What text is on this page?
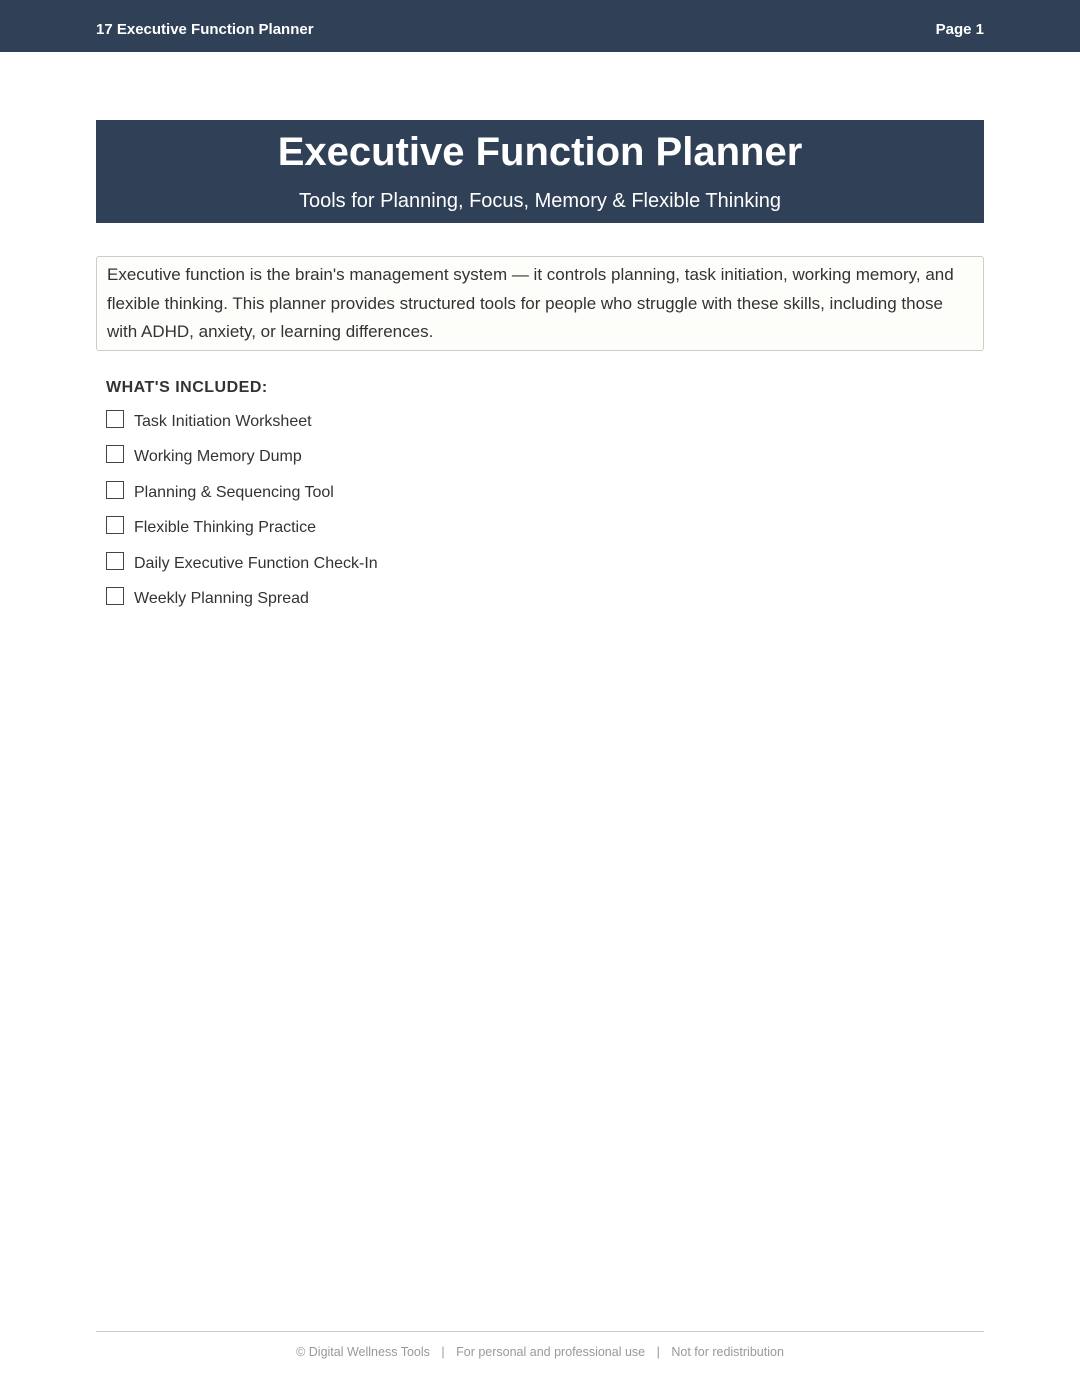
17 Executive Function Planner	Page 1
Executive Function Planner
Tools for Planning, Focus, Memory & Flexible Thinking
Executive function is the brain's management system — it controls planning, task initiation, working memory, and flexible thinking. This planner provides structured tools for people who struggle with these skills, including those with ADHD, anxiety, or learning differences.
WHAT'S INCLUDED:
Task Initiation Worksheet
Working Memory Dump
Planning & Sequencing Tool
Flexible Thinking Practice
Daily Executive Function Check-In
Weekly Planning Spread
© Digital Wellness Tools | For personal and professional use | Not for redistribution
